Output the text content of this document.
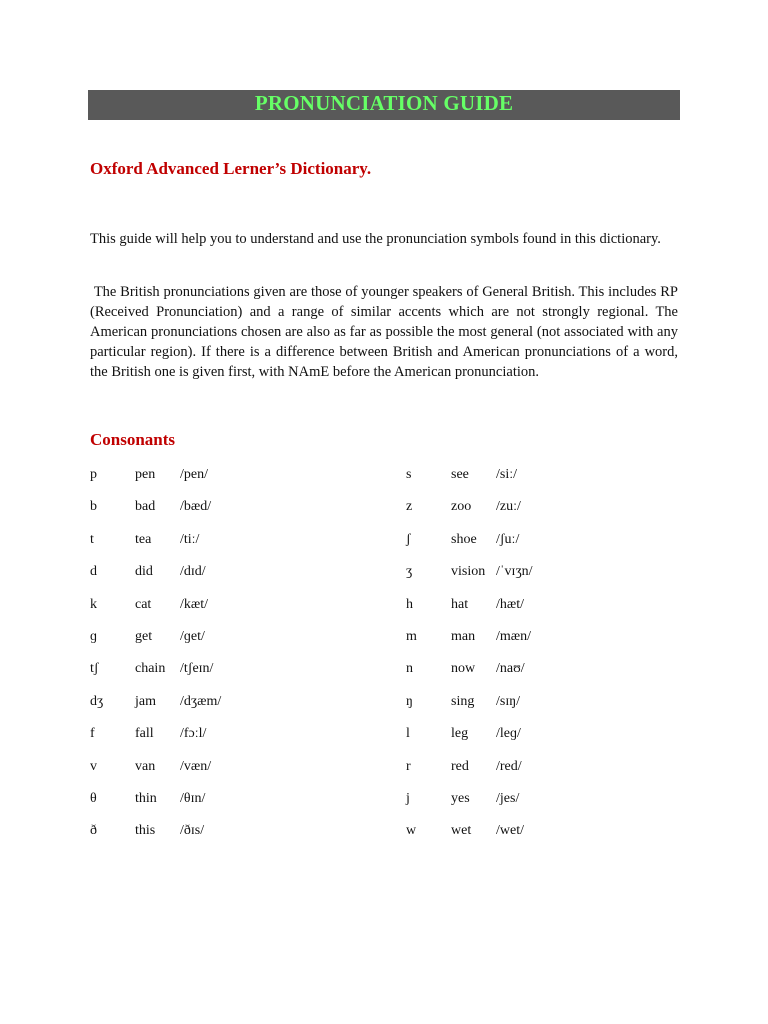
PRONUNCIATION GUIDE
Oxford Advanced Lerner’s Dictionary.

This guide will help you to understand and use the pronunciation symbols found in this dictionary.

The British pronunciations given are those of younger speakers of General British. This includes RP (Received Pronunciation) and a range of similar accents which are not strongly regional. The American pronunciations chosen are also as far as possible the most general (not associated with any particular region). If there is a difference between British and American pronunciations of a word, the British one is given first, with NAmE before the American pronunciation.

Consonants
p	pen /pen/	s	see /siː/
b	bad /bæd/	z	zoo /zuː/
t	tea /tiː/	ʃ	shoe /ʃuː/
d	did /dɪd/	ʒ	vision /ˈvɪʒn/
k	cat /kæt/	h	hat /hæt/
ɡ	get /ɡet/	m man /mæn/
tʃ	chain /tʃeɪn/	n	now /naʊ/
dʒ jam /dʒæm/	ŋ	sing /sɪŋ/
f	fall /fɔːl/	l	leg /leɡ/
v	van /væn/	r	red /red/
θ	thin /θɪn/	j	yes /jes/
ð	this /ðɪs/	w wet /wet/
